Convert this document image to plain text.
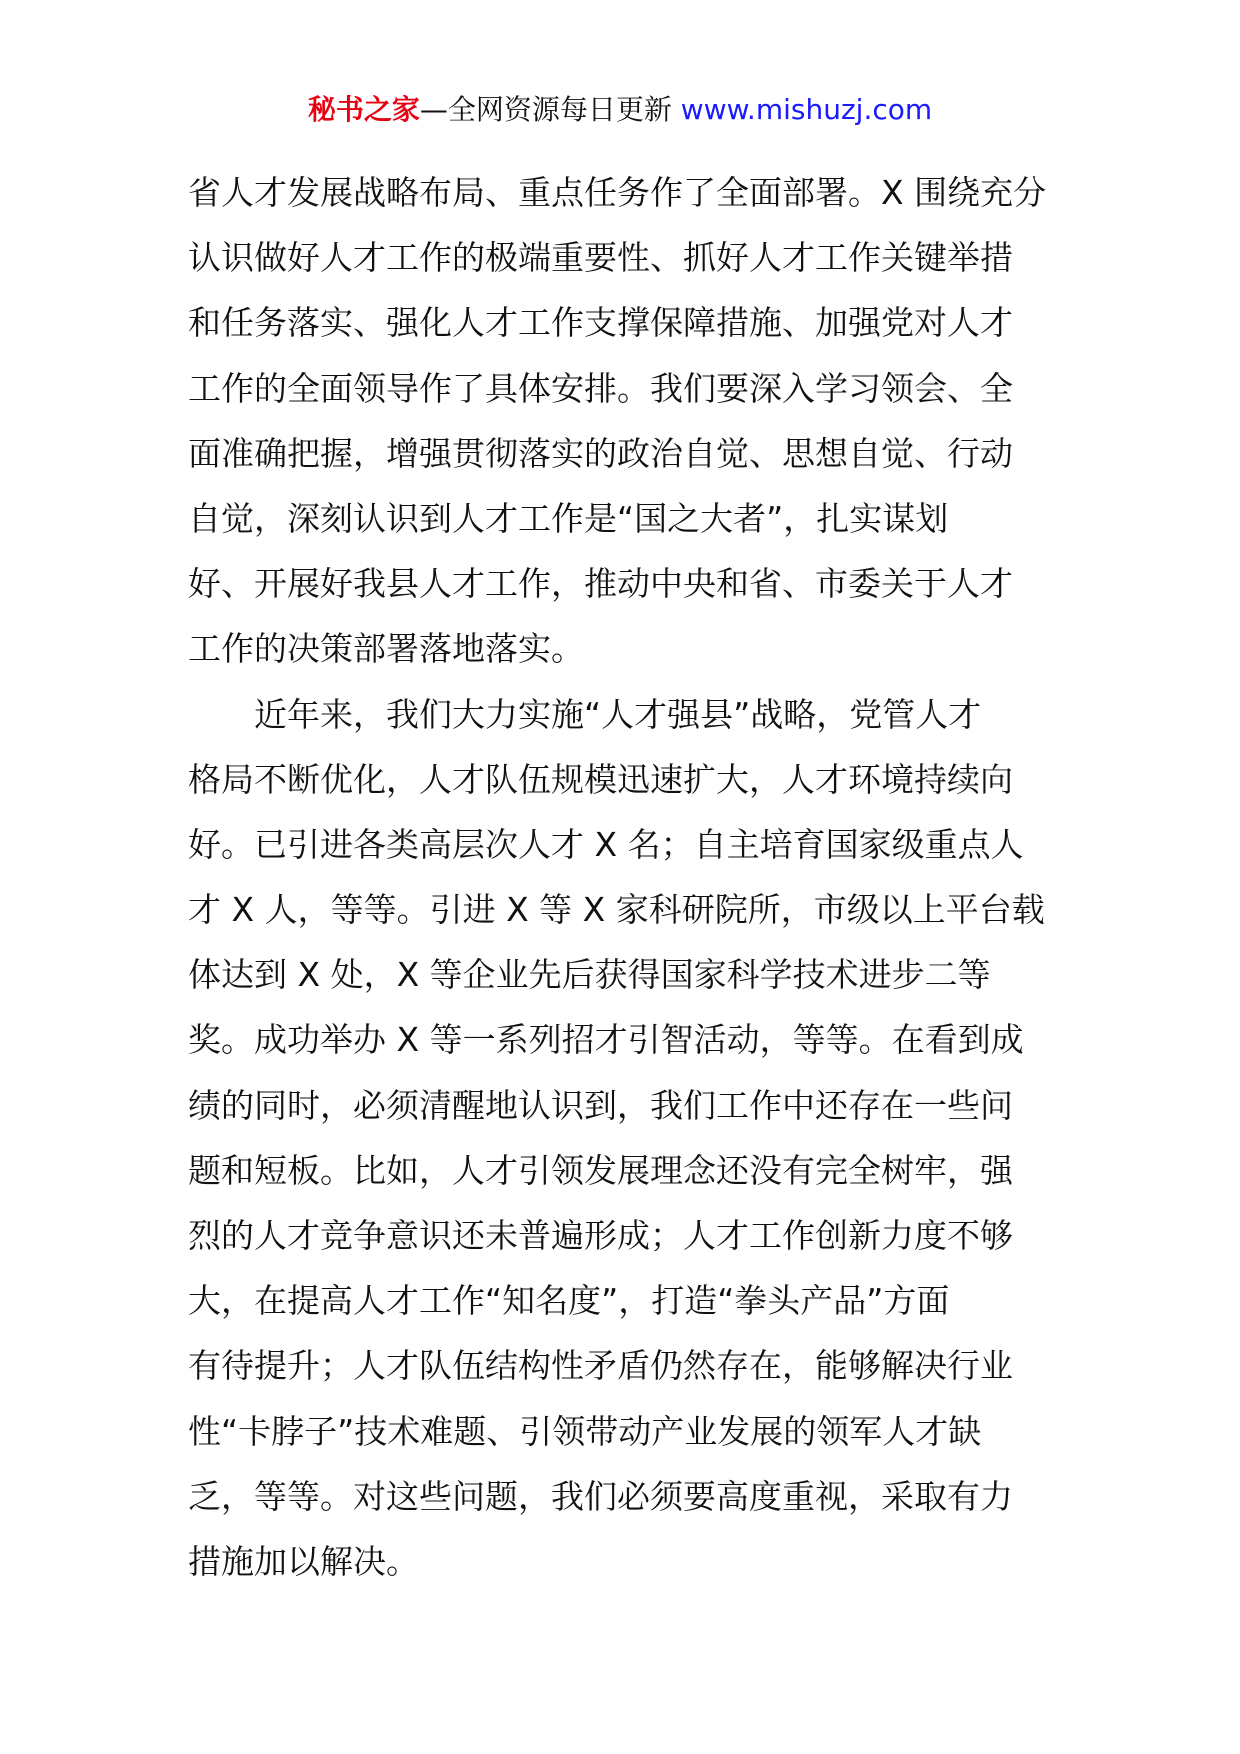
秘书之家—全网资源每日更新 www.mishuzj.com
省人才发展战略布局、重点任务作了全面部署。X 围绕充分
认识做好人才工作的极端重要性、抓好人才工作关键举措
和任务落实、强化人才工作支撑保障措施、加强党对人才
工作的全面领导作了具体安排。我们要深入学习领会、全
面准确把握，增强贯彻落实的政治自觉、思想自觉、行动
自觉，深刻认识到人才工作是“国之大者”，扎实谋划
好、开展好我县人才工作，推动中央和省、市委关于人才
工作的决策部署落地落实。
近年来，我们大力实施“人才强县”战略，党管人才
格局不断优化，人才队伍规模迅速扩大，人才环境持续向
好。已引进各类高层次人才 X 名；自主培育国家级重点人
才 X 人，等等。引进 X 等 X 家科研院所，市级以上平台载
体达到 X 处，X 等企业先后获得国家科学技术进步二等
奖。成功举办 X 等一系列招才引智活动，等等。在看到成
绩的同时，必须清醒地认识到，我们工作中还存在一些问
题和短板。比如，人才引领发展理念还没有完全树牢，强
烈的人才竞争意识还未普遍形成；人才工作创新力度不够
大，在提高人才工作“知名度”，打造“拳头产品”方面
有待提升；人才队伍结构性矛盾仍然存在，能够解决行业
性“卡脖子”技术难题、引领带动产业发展的领军人才缺
乏，等等。对这些问题，我们必须要高度重视，采取有力
措施加以解决。
